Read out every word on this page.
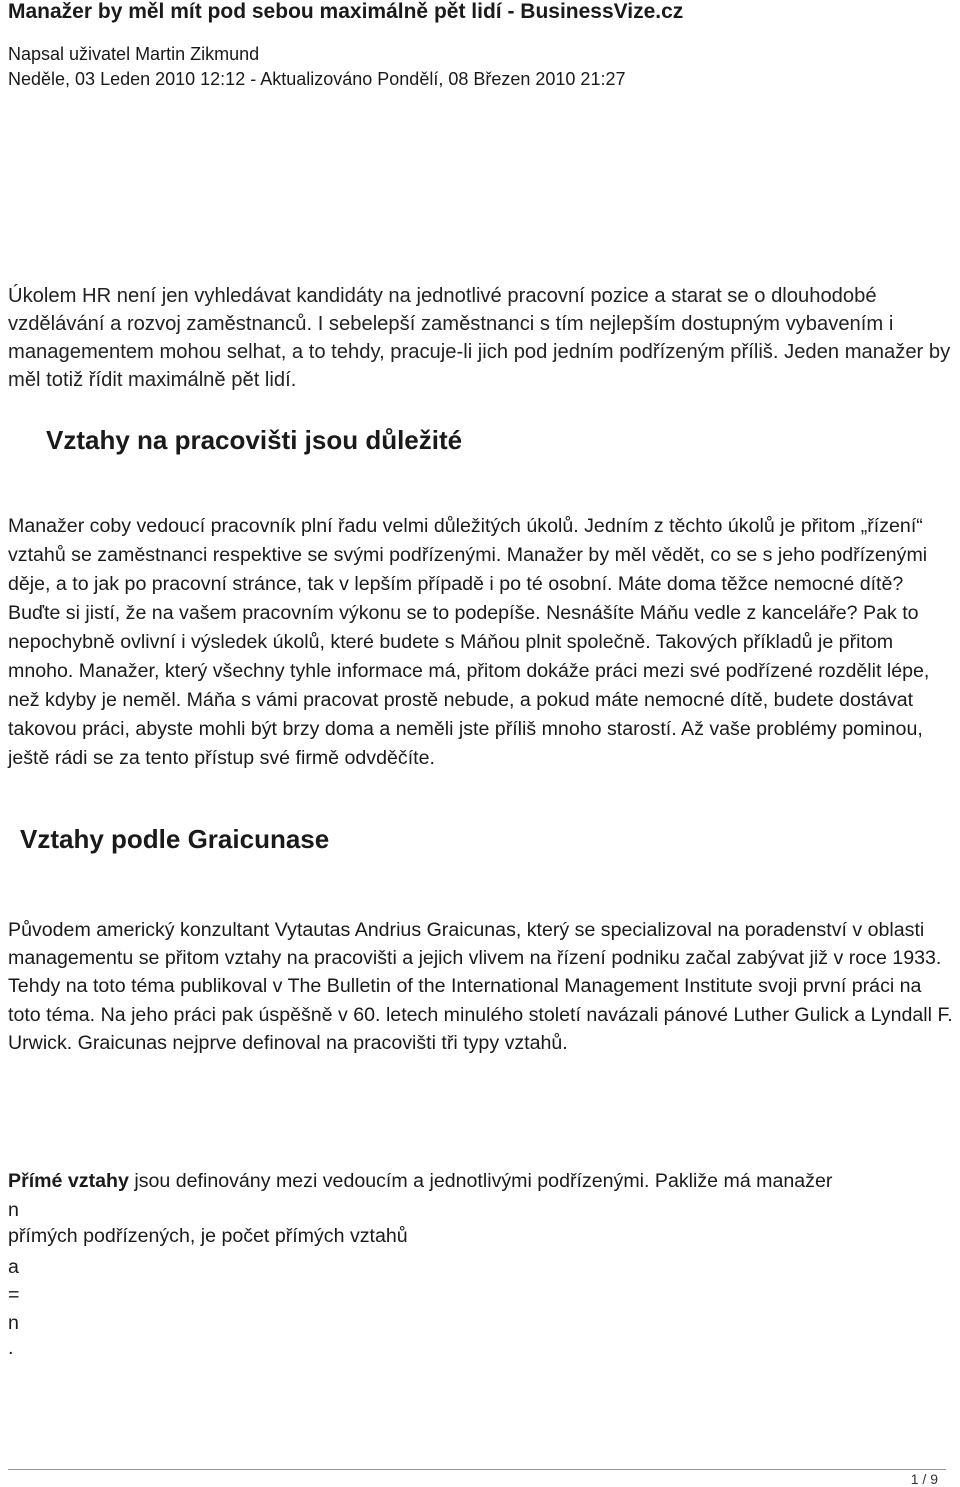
Manažer by měl mít pod sebou maximálně pět lidí - BusinessVize.cz
Napsal uživatel Martin Zikmund
Neděle, 03 Leden 2010 12:12 - Aktualizováno Pondělí, 08 Březen 2010 21:27
Úkolem HR není jen vyhledávat kandidáty na jednotlivé pracovní pozice a starat se o dlouhodobé vzdělávání a rozvoj zaměstnanců. I sebelepší zaměstnanci s tím nejlepším dostupným vybavením i managementem mohou selhat, a to tehdy, pracuje-li jich pod jedním podřízeným příliš. Jeden manažer by měl totiž řídit maximálně pět lidí.
Vztahy na pracovišti jsou důležité
Manažer coby vedoucí pracovník plní řadu velmi důležitých úkolů. Jedním z těchto úkolů je přitom „řízení“ vztahů se zaměstnanci respektive se svými podřízenými. Manažer by měl vědět, co se s jeho podřízenými děje, a to jak po pracovní stránce, tak v lepším případě i po té osobní. Máte doma těžce nemocné dítě? Buďte si jistí, že na vašem pracovním výkonu se to podepíše. Nesnášíte Máňu vedle z kanceláře? Pak to nepochybně ovlivní i výsledek úkolů, které budete s Máňou plnit společně. Takových příkladů je přitom mnoho. Manažer, který všechny tyhle informace má, přitom dokáže práci mezi své podřízené rozdělit lépe, než kdyby je neměl. Máňa s vámi pracovat prostě nebude, a pokud máte nemocné dítě, budete dostávat takovou práci, abyste mohli být brzy doma a neměli jste příliš mnoho starostí. Až vaše problémy pominou, ještě rádi se za tento přístup své firmě odvděčíte.
Vztahy podle Graicunase
Původem americký konzultant Vytautas Andrius Graicunas, který se specializoval na poradenství v oblasti managementu se přitom vztahy na pracovišti a jejich vlivem na řízení podniku začal zabývat již v roce 1933. Tehdy na toto téma publikoval v The Bulletin of the International Management Institute svoji první práci na toto téma. Na jeho práci pak úspěšně v 60. letech minulého století navázali pánové Luther Gulick a Lyndall F. Urwick. Graicunas nejprve definoval na pracovišti tři typy vztahů.
Přímé vztahy jsou definovány mezi vedoucím a jednotlivými podřízenými. Pakliže má manažer
n
přímých podřízených, je počet přímých vztahů
a
=
n
.
1 / 9
